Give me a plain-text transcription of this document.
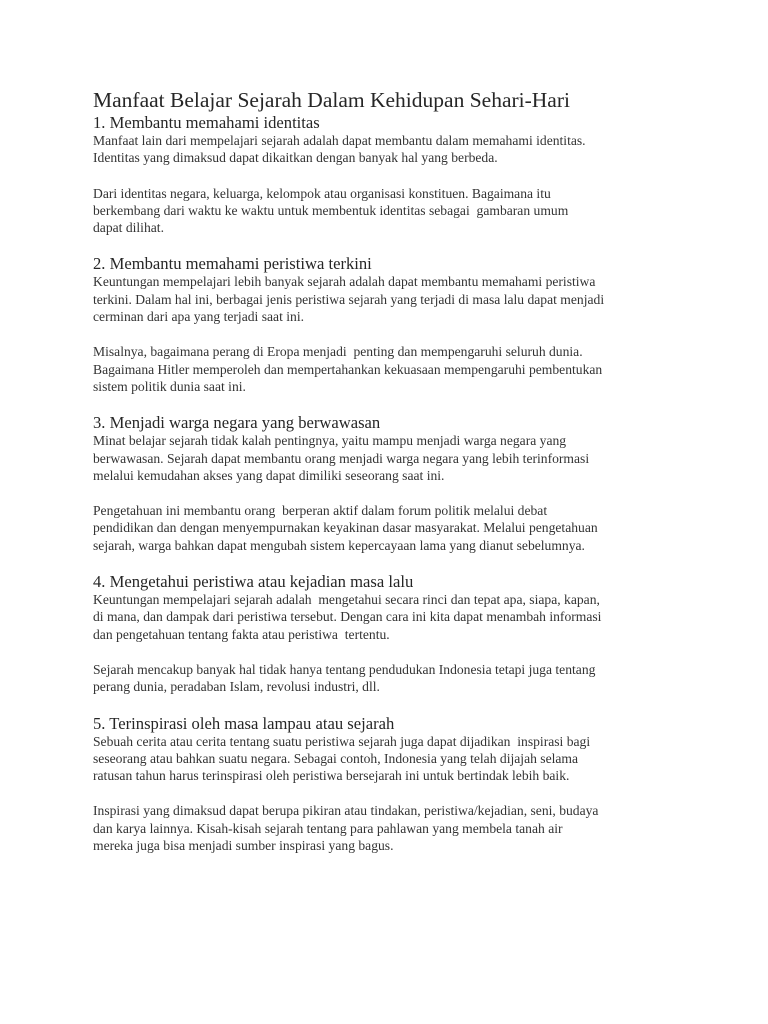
Manfaat Belajar Sejarah Dalam Kehidupan Sehari-Hari
1. Membantu memahami identitas

Manfaat lain dari mempelajari sejarah adalah dapat membantu dalam memahami identitas.
Identitas yang dimaksud dapat dikaitkan dengan banyak hal yang berbeda.

Dari identitas negara, keluarga, kelompok atau organisasi konstituen. Bagaimana itu
berkembang dari waktu ke waktu untuk membentuk identitas sebagai  gambaran umum
dapat dilihat.

2. Membantu memahami peristiwa terkini

Keuntungan mempelajari lebih banyak sejarah adalah dapat membantu memahami peristiwa
terkini. Dalam hal ini, berbagai jenis peristiwa sejarah yang terjadi di masa lalu dapat menjadi
cerminan dari apa yang terjadi saat ini.

Misalnya, bagaimana perang di Eropa menjadi  penting dan mempengaruhi seluruh dunia.
Bagaimana Hitler memperoleh dan mempertahankan kekuasaan mempengaruhi pembentukan
sistem politik dunia saat ini.

3. Menjadi warga negara yang berwawasan

Minat belajar sejarah tidak kalah pentingnya, yaitu mampu menjadi warga negara yang
berwawasan. Sejarah dapat membantu orang menjadi warga negara yang lebih terinformasi
melalui kemudahan akses yang dapat dimiliki seseorang saat ini.

Pengetahuan ini membantu orang  berperan aktif dalam forum politik melalui debat
pendidikan dan dengan menyempurnakan keyakinan dasar masyarakat. Melalui pengetahuan
sejarah, warga bahkan dapat mengubah sistem kepercayaan lama yang dianut sebelumnya.

4. Mengetahui peristiwa atau kejadian masa lalu

Keuntungan mempelajari sejarah adalah  mengetahui secara rinci dan tepat apa, siapa, kapan,
di mana, dan dampak dari peristiwa tersebut. Dengan cara ini kita dapat menambah informasi
dan pengetahuan tentang fakta atau peristiwa  tertentu.

Sejarah mencakup banyak hal tidak hanya tentang pendudukan Indonesia tetapi juga tentang
perang dunia, peradaban Islam, revolusi industri, dll.

5. Terinspirasi oleh masa lampau atau sejarah

Sebuah cerita atau cerita tentang suatu peristiwa sejarah juga dapat dijadikan  inspirasi bagi
seseorang atau bahkan suatu negara. Sebagai contoh, Indonesia yang telah dijajah selama
ratusan tahun harus terinspirasi oleh peristiwa bersejarah ini untuk bertindak lebih baik.

Inspirasi yang dimaksud dapat berupa pikiran atau tindakan, peristiwa/kejadian, seni, budaya
dan karya lainnya. Kisah-kisah sejarah tentang para pahlawan yang membela tanah air
mereka juga bisa menjadi sumber inspirasi yang bagus.
